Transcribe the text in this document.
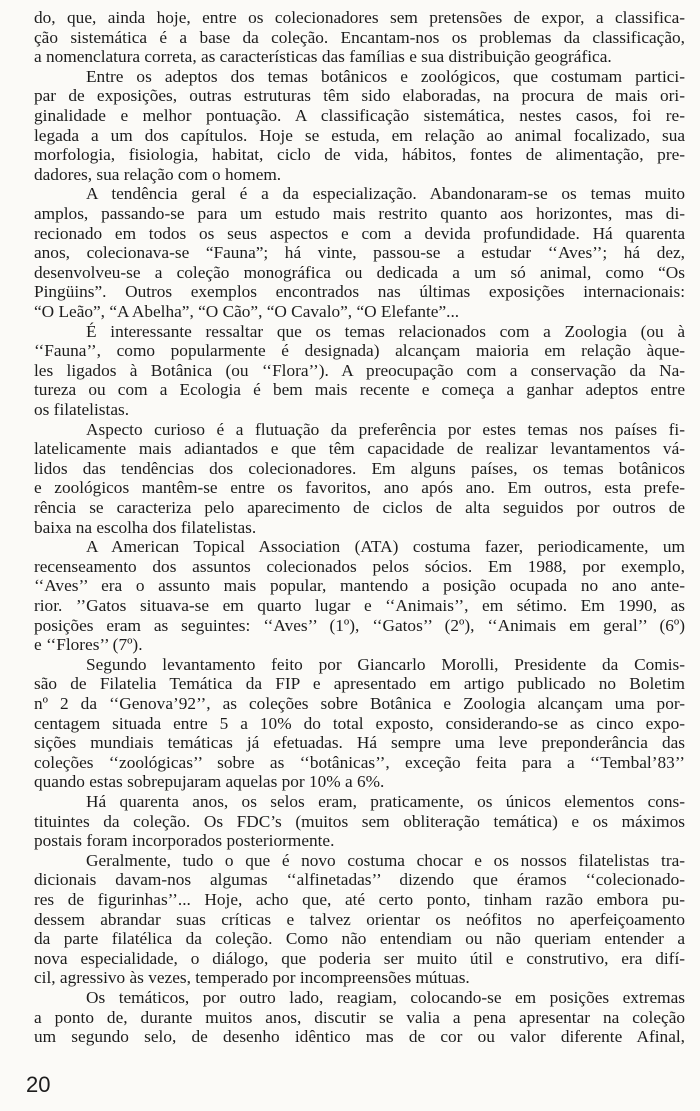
do, que, ainda hoje, entre os colecionadores sem pretensões de expor, a classifica-
ção sistemática é a base da coleção. Encantam-nos os problemas da classificação,
a nomenclatura correta, as características das famílias e sua distribuição geográfica.
Entre os adeptos dos temas botânicos e zoológicos, que costumam partici-
par de exposições, outras estruturas têm sido elaboradas, na procura de mais ori-
ginalidade e melhor pontuação. A classificação sistemática, nestes casos, foi re-
legada a um dos capítulos. Hoje se estuda, em relação ao animal focalizado, sua
morfologia, fisiologia, habitat, ciclo de vida, hábitos, fontes de alimentação, pre-
dadores, sua relação com o homem.
A tendência geral é a da especialização. Abandonaram-se os temas muito
amplos, passando-se para um estudo mais restrito quanto aos horizontes, mas di-
recionado em todos os seus aspectos e com a devida profundidade. Há quarenta
anos, colecionava-se “Fauna”; há vinte, passou-se a estudar ‘‘Aves’’; há dez,
desenvolveu-se a coleção monográfica ou dedicada a um só animal, como “Os
Pingüins”. Outros exemplos encontrados nas últimas exposições internacionais:
“O Leão”, “A Abelha”, “O Cão”, “O Cavalo”, “O Elefante”...
É interessante ressaltar que os temas relacionados com a Zoologia (ou à
‘‘Fauna’’, como popularmente é designada) alcançam maioria em relação àque-
les ligados à Botânica (ou ‘‘Flora’’). A preocupação com a conservação da Na-
tureza ou com a Ecologia é bem mais recente e começa a ganhar adeptos entre
os filatelistas.
Aspecto curioso é a flutuação da preferência por estes temas nos países fi-
latelicamente mais adiantados e que têm capacidade de realizar levantamentos vá-
lidos das tendências dos colecionadores. Em alguns países, os temas botânicos
e zoológicos mantêm-se entre os favoritos, ano após ano. Em outros, esta prefe-
rência se caracteriza pelo aparecimento de ciclos de alta seguidos por outros de
baixa na escolha dos filatelistas.
A American Topical Association (ATA) costuma fazer, periodicamente, um
recenseamento dos assuntos colecionados pelos sócios. Em 1988, por exemplo,
‘‘Aves’’ era o assunto mais popular, mantendo a posição ocupada no ano ante-
rior. ’’Gatos situava-se em quarto lugar e ‘‘Animais’’, em sétimo. Em 1990, as
posições eram as seguintes: ‘‘Aves’’ (1º), ‘‘Gatos’’ (2º), ‘‘Animais em geral’’ (6º)
e ‘‘Flores’’ (7º).
Segundo levantamento feito por Giancarlo Morolli, Presidente da Comis-
são de Filatelia Temática da FIP e apresentado em artigo publicado no Boletim
nº 2 da ‘‘Genova’92’’, as coleções sobre Botânica e Zoologia alcançam uma por-
centagem situada entre 5 a 10% do total exposto, considerando-se as cinco expo-
sições mundiais temáticas já efetuadas. Há sempre uma leve preponderância das
coleções ‘‘zoológicas’’ sobre as ‘‘botânicas’’, exceção feita para a ‘‘Tembal’83’’
quando estas sobrepujaram aquelas por 10% a 6%.
Há quarenta anos, os selos eram, praticamente, os únicos elementos cons-
tituintes da coleção. Os FDC’s (muitos sem obliteração temática) e os máximos
postais foram incorporados posteriormente.
Geralmente, tudo o que é novo costuma chocar e os nossos filatelistas tra-
dicionais davam-nos algumas ‘‘alfinetadas’’ dizendo que éramos ‘‘colecionado-
res de figurinhas’’... Hoje, acho que, até certo ponto, tinham razão embora pu-
dessem abrandar suas críticas e talvez orientar os neófitos no aperfeiçoamento
da parte filatélica da coleção. Como não entendiam ou não queriam entender a
nova especialidade, o diálogo, que poderia ser muito útil e construtivo, era difí-
cil, agressivo às vezes, temperado por incompreensões mútuas.
Os temáticos, por outro lado, reagiam, colocando-se em posições extremas
a ponto de, durante muitos anos, discutir se valia a pena apresentar na coleção
um segundo selo, de desenho idêntico mas de cor ou valor diferente Afinal,
20
